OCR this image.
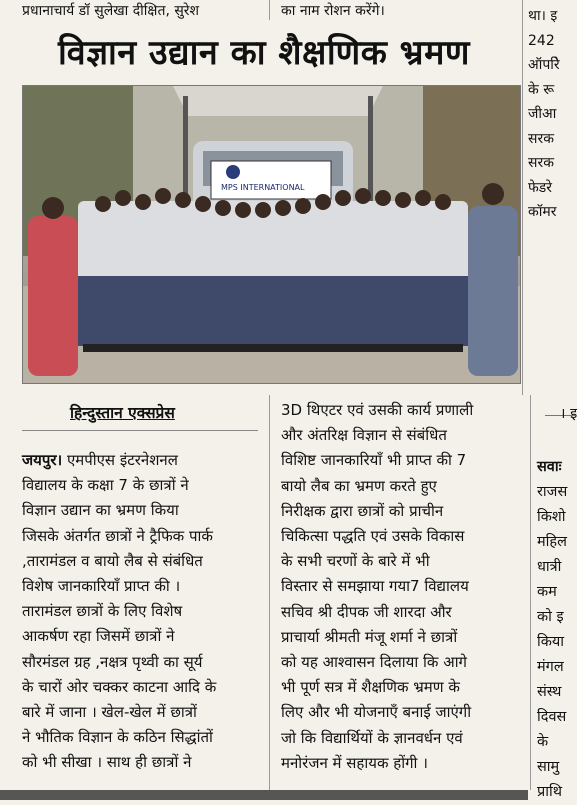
प्रधानाचार्य डॉ सुलेखा दीक्षित, सुरेश	का नाम रोशन करेंगे।	था। इ
242
ऑपरेि
के रू
जीआ
सरक
सरक
फेडरे
कॉमर
विज्ञान उद्यान का शैक्षणिक भ्रमण
MPS INTERNATIONAL
हिन्दुस्तान एक्सप्रेस
जयपुर। एमपीएस इंटरनेशनल
विद्यालय के कक्षा 7 के छात्रों ने
विज्ञान उद्यान का भ्रमण किया
जिसके अंतर्गत छात्रों ने ट्रैफिक पार्क
,तारामंडल व बायो लैब से संबंधित
विशेष जानकारियाँ प्राप्त की ।
तारामंडल छात्रों के लिए विशेष
आकर्षण रहा जिसमें छात्रों ने
सौरमंडल ग्रह ,नक्षत्र पृथ्वी का सूर्य
के चारों ओर चक्कर काटना आदि के
बारे में जाना । खेल-खेल में छात्रों
ने भौतिक विज्ञान के कठिन सिद्धांतों
को भी सीखा । साथ ही छात्रों ने
3D थिएटर एवं उसकी कार्य प्रणाली
और अंतरिक्ष विज्ञान से संबंधित
विशिष्ट जानकारियाँ भी प्राप्त की 7
बायो लैब का भ्रमण करते हुए
निरीक्षक द्वारा छात्रों को प्राचीन
चिकित्सा पद्धति एवं उसके विकास
के सभी चरणों के बारे में भी
विस्तार से समझाया गया7 विद्यालय
सचिव श्री दीपक जी शारदा और
प्राचार्या श्रीमती मंजू शर्मा ने छात्रों
को यह आश्वासन दिलाया कि आगे
भी पूर्ण सत्र में शैक्षणिक भ्रमण के
लिए और भी योजनाएँ बनाई जाएंगी
जो कि विद्यार्थियों के ज्ञानवर्धन एवं
मनोरंजन में सहायक होंगी ।
। इ
सवाः
राजस
किशो
महिल
धात्री
कम
को इ
किया
मंगल
संस्थ
दिवस
के
सामु
प्राथि
